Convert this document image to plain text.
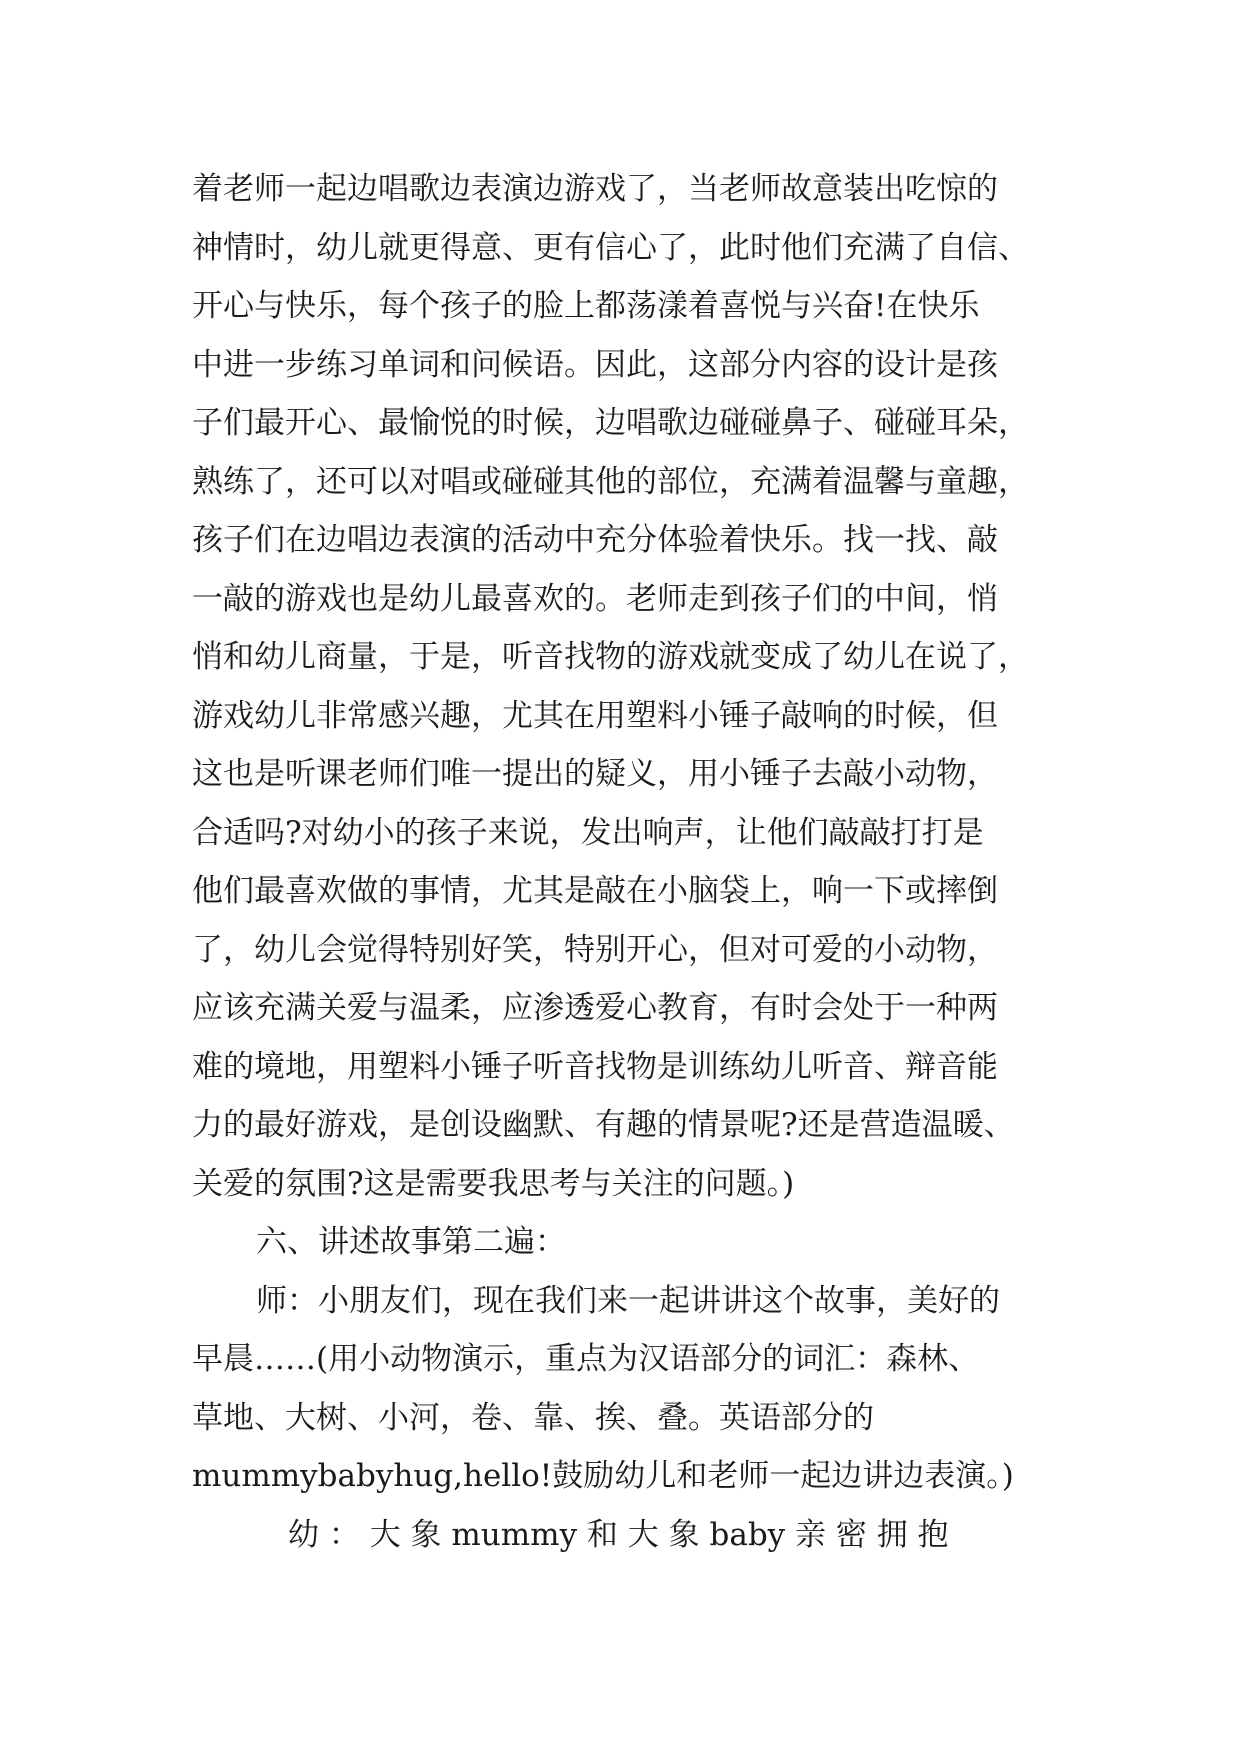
着老师一起边唱歌边表演边游戏了，当老师故意装出吃惊的
神情时，幼儿就更得意、更有信心了，此时他们充满了自信、
开心与快乐，每个孩子的脸上都荡漾着喜悦与兴奋!在快乐
中进一步练习单词和问候语。因此，这部分内容的设计是孩
子们最开心、最愉悦的时候，边唱歌边碰碰鼻子、碰碰耳朵，
熟练了，还可以对唱或碰碰其他的部位，充满着温馨与童趣，
孩子们在边唱边表演的活动中充分体验着快乐。找一找、敲
一敲的游戏也是幼儿最喜欢的。老师走到孩子们的中间，悄
悄和幼儿商量，于是，听音找物的游戏就变成了幼儿在说了，
游戏幼儿非常感兴趣，尤其在用塑料小锤子敲响的时候，但
这也是听课老师们唯一提出的疑义，用小锤子去敲小动物，
合适吗?对幼小的孩子来说，发出响声，让他们敲敲打打是
他们最喜欢做的事情，尤其是敲在小脑袋上，响一下或摔倒
了，幼儿会觉得特别好笑，特别开心，但对可爱的小动物，
应该充满关爱与温柔，应渗透爱心教育，有时会处于一种两
难的境地，用塑料小锤子听音找物是训练幼儿听音、辩音能
力的最好游戏，是创设幽默、有趣的情景呢?还是营造温暖、
关爱的氛围?这是需要我思考与关注的问题。)
六、讲述故事第二遍：
师：小朋友们，现在我们来一起讲讲这个故事，美好的
早晨……(用小动物演示，重点为汉语部分的词汇：森林、
草地、大树、小河，卷、靠、挨、叠。英语部分的
mummybabyhug,hello!鼓励幼儿和老师一起边讲边表演。)
幼 ： 大 象 mummy 和 大 象 baby 亲 密 拥 抱
